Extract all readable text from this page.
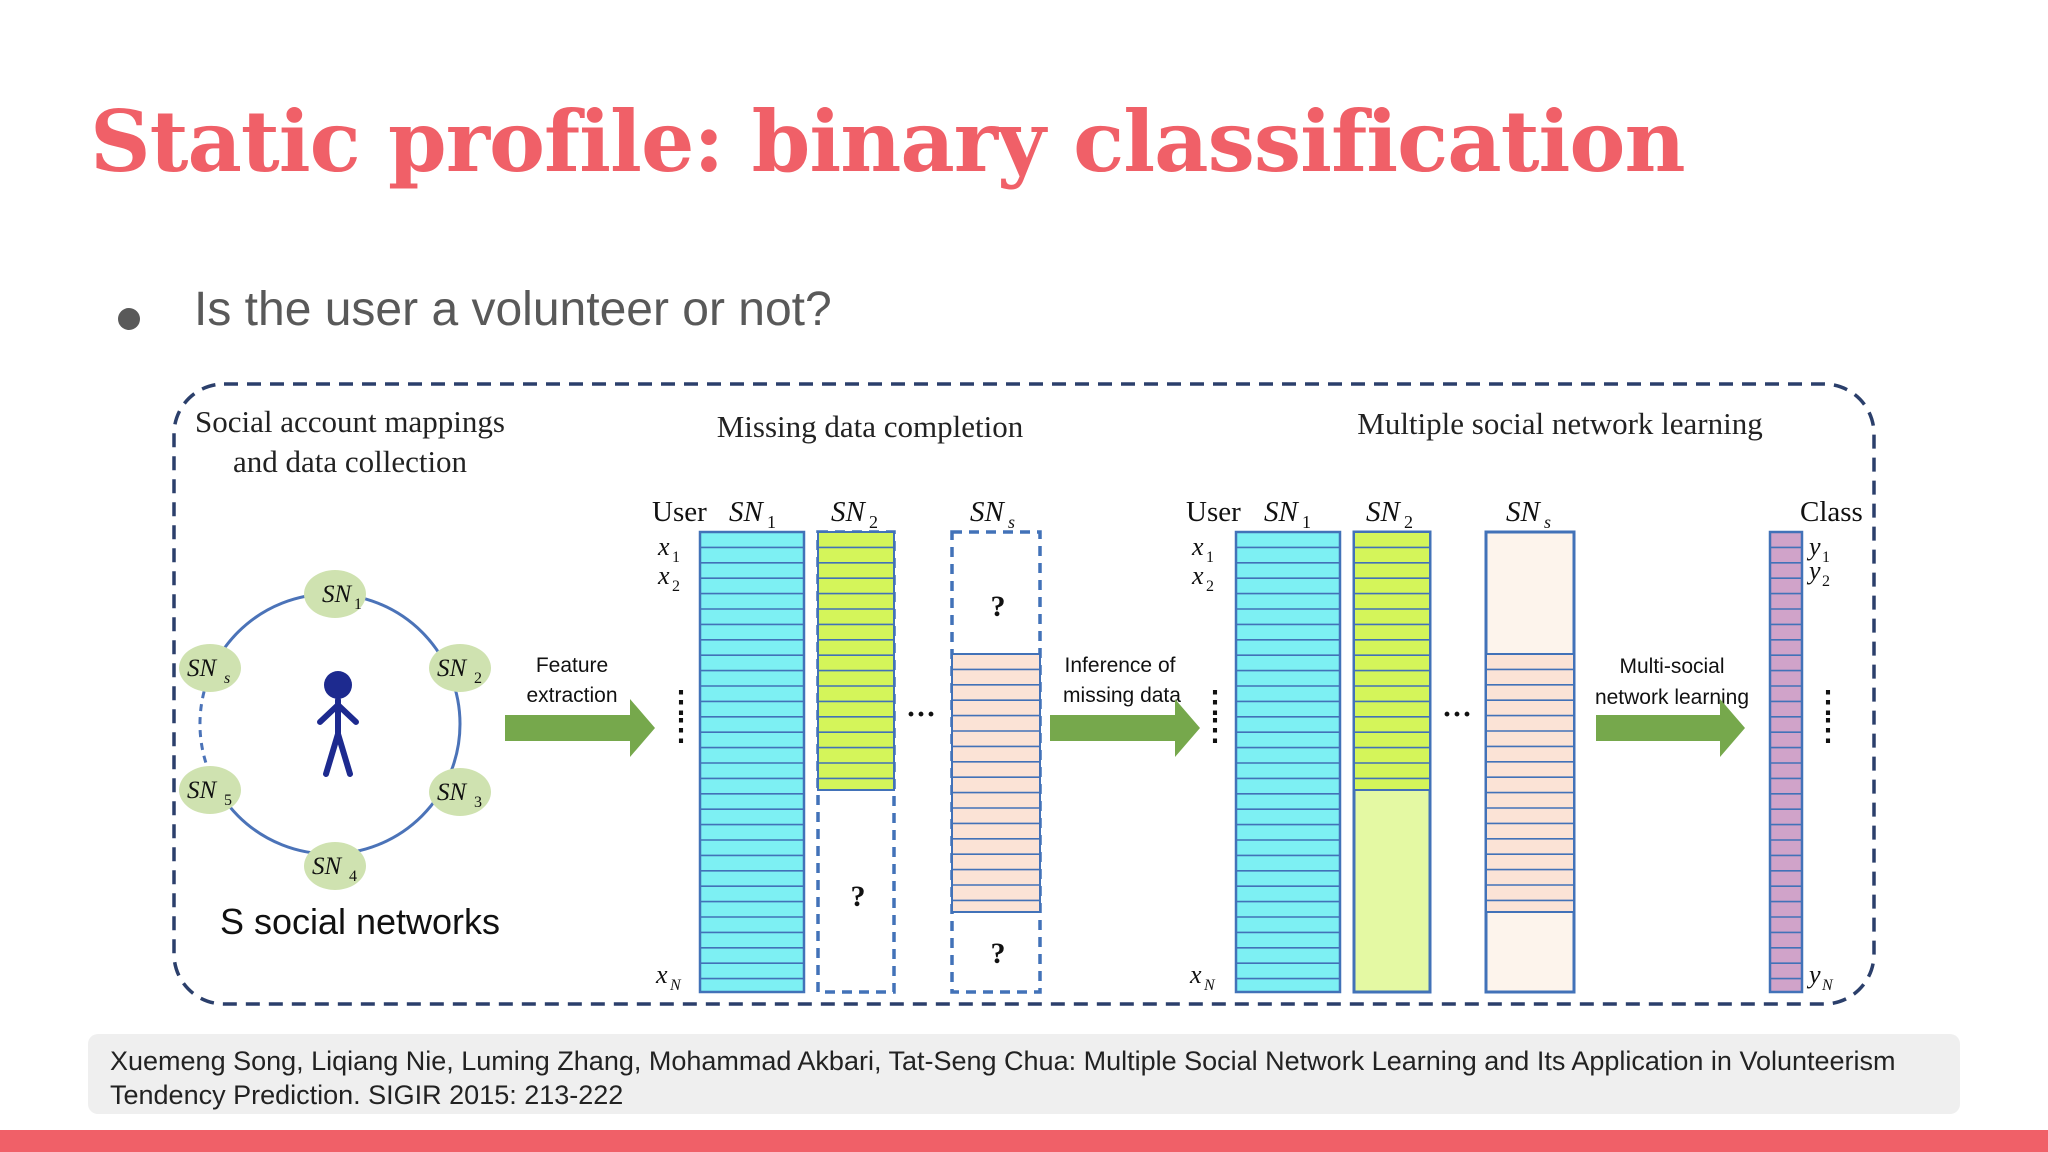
Static profile: binary classification
Is the user a volunteer or not?
Social account mappings
and data collection
Missing data completion	Multiple social network learning
SN 1
SN 2
SN 3
SN 4
SN 5
SN s
S social networks
Feature
extraction
User SN 1 SN 2	SN s
x 1
x 2
x N
⋮
⋮	···
?
?
?
Inference of
missing data
User SN 1 SN 2	SN s
x 1
x 2
x N
⋮
⋮	···
Multi-social
network learning
Class
y 1
y 2
y N
⋮
⋮
Xuemeng Song, Liqiang Nie, Luming Zhang, Mohammad Akbari, Tat-Seng Chua: Multiple Social Network Learning and Its Application in Volunteerism Tendency Prediction. SIGIR 2015: 213-222
